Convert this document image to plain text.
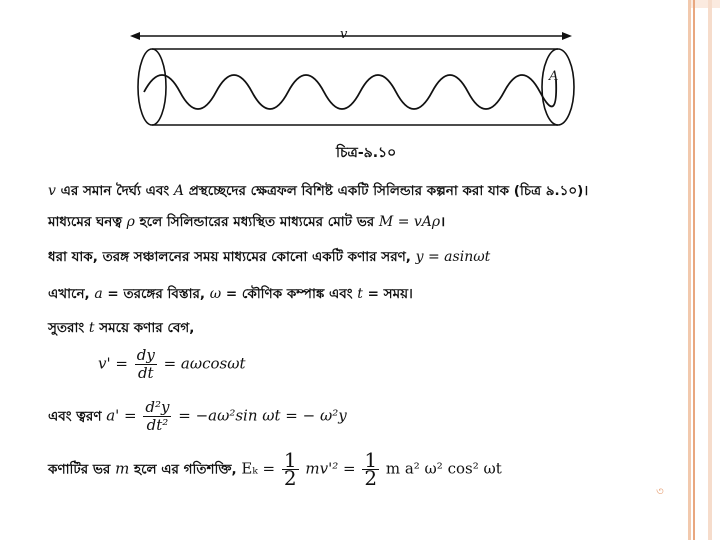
v
A
চিত্র-৯.১০
v এর সমান দৈর্ঘ্য এবং A প্রস্থচ্ছেদের ক্ষেত্রফল বিশিষ্ট একটি সিলিন্ডার কল্পনা করা যাক (চিত্র ৯.১০)।
মাধ্যমের ঘনত্ব ρ হলে সিলিন্ডারের মধ্যস্থিত মাধ্যমের মোট ভর M = vAρ।
ধরা যাক, তরঙ্গ সঞ্চালনের সময় মাধ্যমের কোনো একটি কণার সরণ, y = asinωt
এখানে, a = তরঙ্গের বিস্তার, ω = কৌণিক কম্পাঙ্ক এবং t = সময়।
সুতরাং t সময়ে কণার বেগ,
$v' = \frac{dy}{dt} = a\omega\cos\omega t$
এবং ত্বরণ $a' = \frac{\text{d²y}}{\text{dt²}} = -a\omega^2\sin$ ωt = − ω²y
কণাটির ভর m হলে এর গতিশক্তি, $E_k = \frac{1}{2} mv'^2 = \frac{1}{2}$ m a² ω² cos² ωt
৩
